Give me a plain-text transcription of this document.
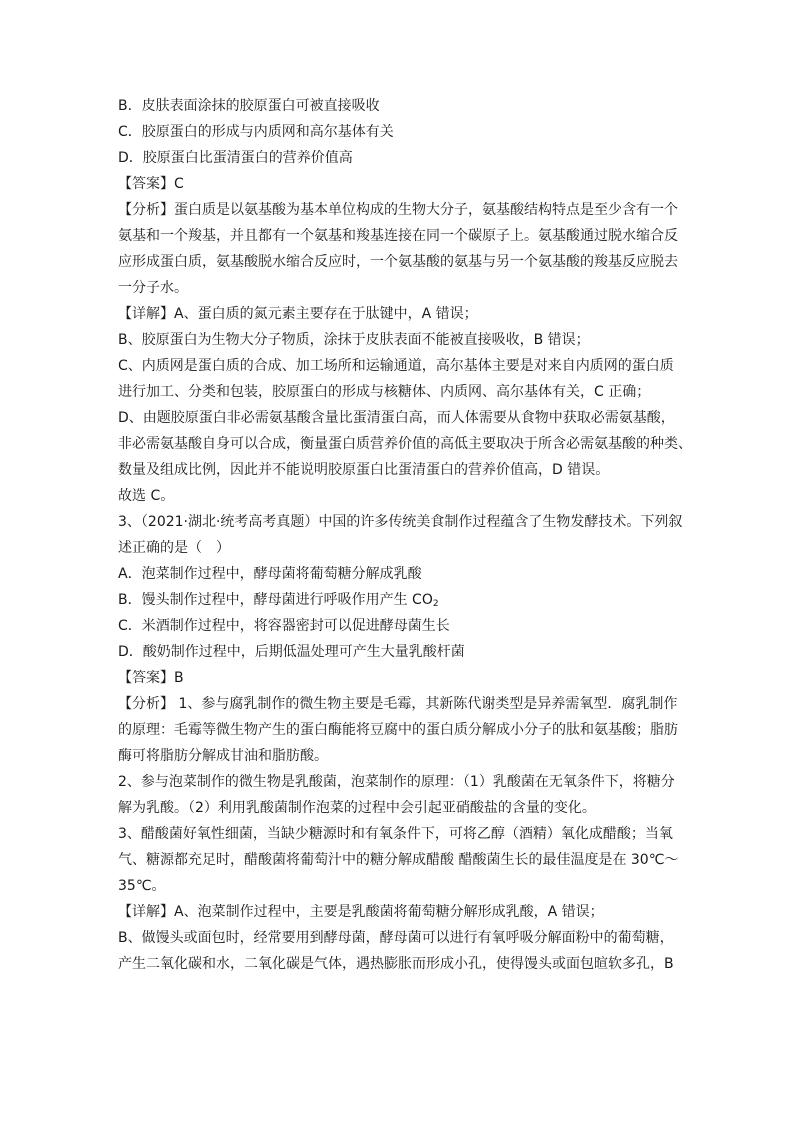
B．皮肤表面涂抹的胶原蛋白可被直接吸收
C．胶原蛋白的形成与内质网和高尔基体有关
D．胶原蛋白比蛋清蛋白的营养价值高
【答案】C
【分析】蛋白质是以氨基酸为基本单位构成的生物大分子，氨基酸结构特点是至少含有一个
氨基和一个羧基，并且都有一个氨基和羧基连接在同一个碳原子上。氨基酸通过脱水缩合反
应形成蛋白质，氨基酸脱水缩合反应时，一个氨基酸的氨基与另一个氨基酸的羧基反应脱去
一分子水。
【详解】A、蛋白质的氮元素主要存在于肽键中，A 错误；
B、胶原蛋白为生物大分子物质，涂抹于皮肤表面不能被直接吸收，B 错误；
C、内质网是蛋白质的合成、加工场所和运输通道，高尔基体主要是对来自内质网的蛋白质
进行加工、分类和包装，胶原蛋白的形成与核糖体、内质网、高尔基体有关，C 正确；
D、由题胶原蛋白非必需氨基酸含量比蛋清蛋白高，而人体需要从食物中获取必需氨基酸，
非必需氨基酸自身可以合成，衡量蛋白质营养价值的高低主要取决于所含必需氨基酸的种类、
数量及组成比例，因此并不能说明胶原蛋白比蛋清蛋白的营养价值高，D 错误。
故选 C。
3、（2021·湖北·统考高考真题）中国的许多传统美食制作过程蕴含了生物发酵技术。下列叙
述正确的是（　）
A．泡菜制作过程中，酵母菌将葡萄糖分解成乳酸
B．馒头制作过程中，酵母菌进行呼吸作用产生 $CO_2$
C．米酒制作过程中，将容器密封可以促进酵母菌生长
D．酸奶制作过程中，后期低温处理可产生大量乳酸杆菌
【答案】B
【分析】 1、参与腐乳制作的微生物主要是毛霉，其新陈代谢类型是异养需氧型．腐乳制作
的原理：毛霉等微生物产生的蛋白酶能将豆腐中的蛋白质分解成小分子的肽和氨基酸；脂肪
酶可将脂肪分解成甘油和脂肪酸。
2、参与泡菜制作的微生物是乳酸菌，泡菜制作的原理：（1）乳酸菌在无氧条件下，将糖分
解为乳酸。（2）利用乳酸菌制作泡菜的过程中会引起亚硝酸盐的含量的变化。
3、醋酸菌好氧性细菌，当缺少糖源时和有氧条件下，可将乙醇（酒精）氧化成醋酸；当氧
气、糖源都充足时，醋酸菌将葡萄汁中的糖分解成醋酸 醋酸菌生长的最佳温度是在 30℃～
35℃。
【详解】A、泡菜制作过程中，主要是乳酸菌将葡萄糖分解形成乳酸，A 错误；
B、做馒头或面包时，经常要用到酵母菌，酵母菌可以进行有氧呼吸分解面粉中的葡萄糖，
产生二氧化碳和水，二氧化碳是气体，遇热膨胀而形成小孔，使得馒头或面包暄软多孔，B
